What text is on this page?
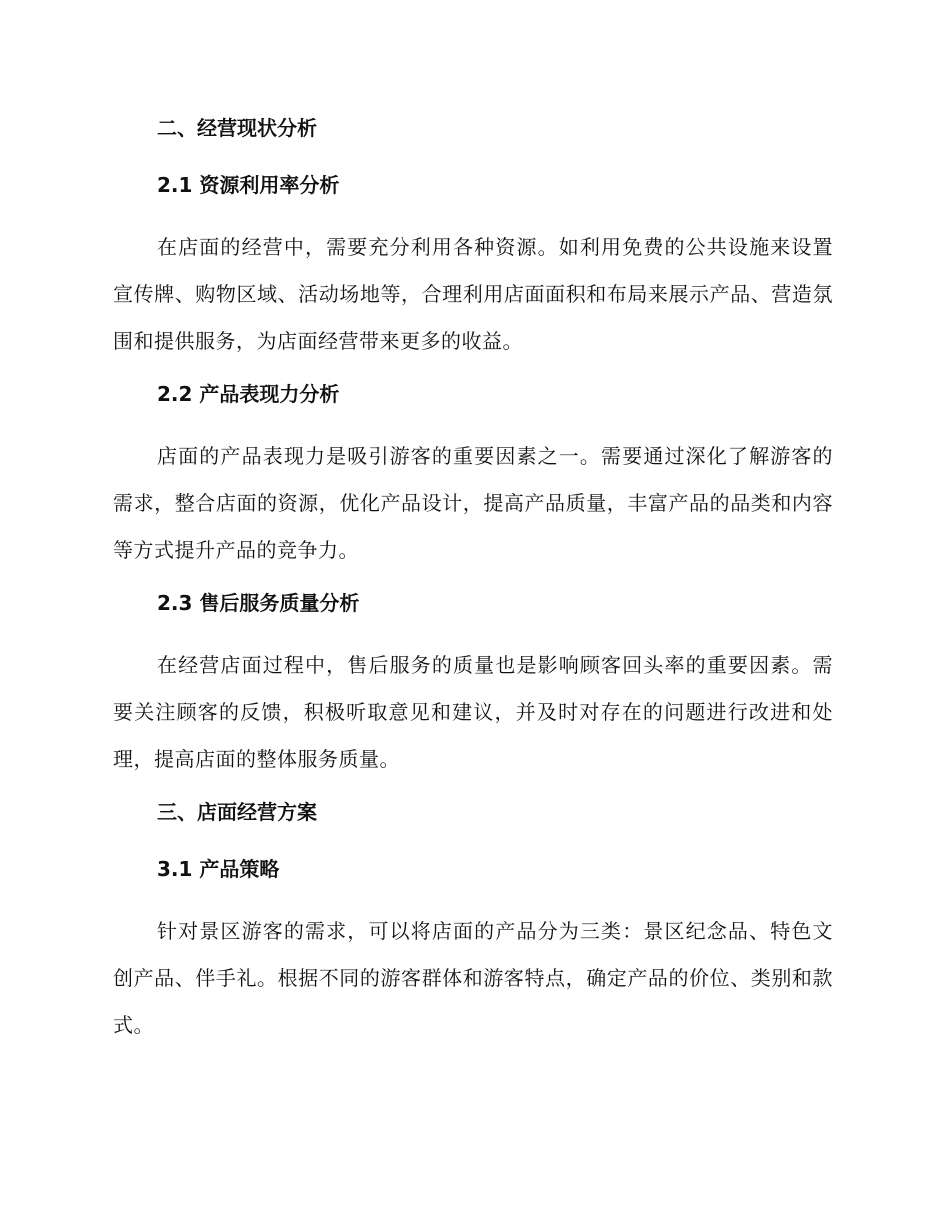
二、经营现状分析
2.1 资源利用率分析
在店面的经营中，需要充分利用各种资源。如利用免费的公共设施来设置宣传牌、购物区域、活动场地等，合理利用店面面积和布局来展示产品、营造氛围和提供服务，为店面经营带来更多的收益。
2.2 产品表现力分析
店面的产品表现力是吸引游客的重要因素之一。需要通过深化了解游客的需求，整合店面的资源，优化产品设计，提高产品质量，丰富产品的品类和内容等方式提升产品的竞争力。
2.3 售后服务质量分析
在经营店面过程中，售后服务的质量也是影响顾客回头率的重要因素。需要关注顾客的反馈，积极听取意见和建议，并及时对存在的问题进行改进和处理，提高店面的整体服务质量。
三、店面经营方案
3.1 产品策略
针对景区游客的需求，可以将店面的产品分为三类：景区纪念品、特色文创产品、伴手礼。根据不同的游客群体和游客特点，确定产品的价位、类别和款式。
